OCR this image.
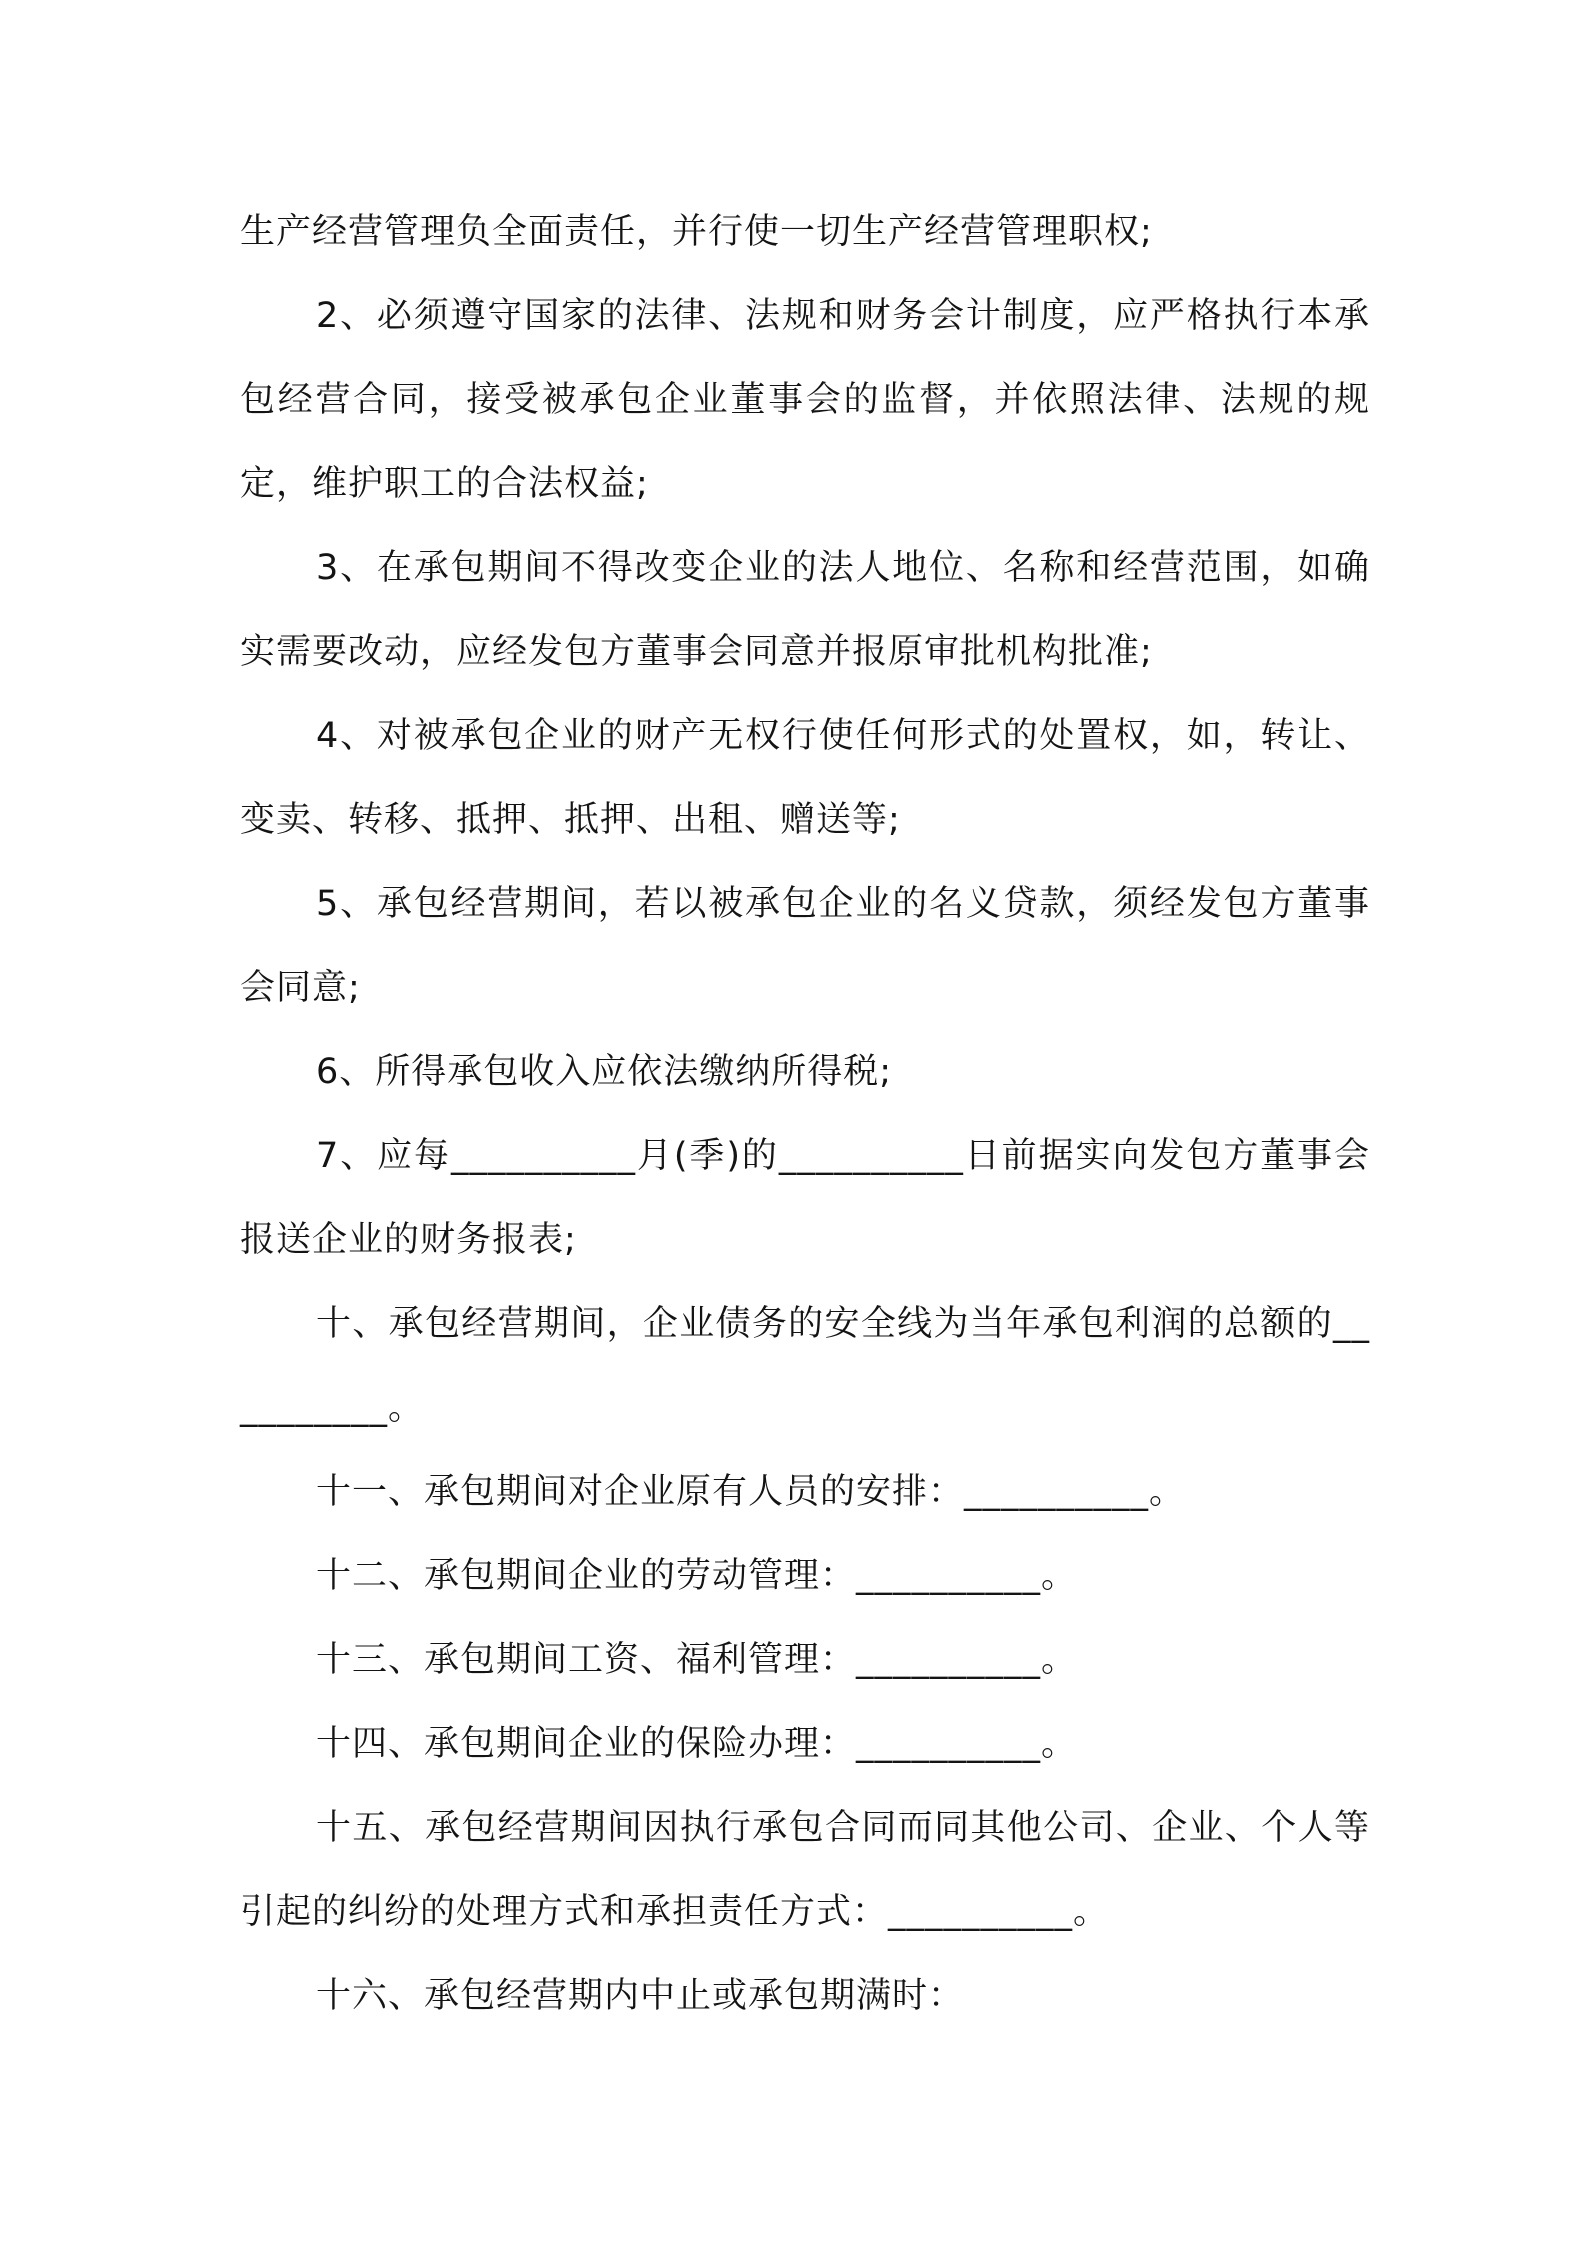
生产经营管理负全面责任，并行使一切生产经营管理职权;

2、必须遵守国家的法律、法规和财务会计制度，应严格执行本承包经营合同，接受被承包企业董事会的监督，并依照法律、法规的规定，维护职工的合法权益;

3、在承包期间不得改变企业的法人地位、名称和经营范围，如确实需要改动，应经发包方董事会同意并报原审批机构批准;

4、对被承包企业的财产无权行使任何形式的处置权，如，转让、变卖、转移、抵押、抵押、出租、赠送等;

5、承包经营期间，若以被承包企业的名义贷款，须经发包方董事会同意;

6、所得承包收入应依法缴纳所得税;

7、应每__________月(季)的__________日前据实向发包方董事会报送企业的财务报表;

十、承包经营期间，企业债务的安全线为当年承包利润的总额的__________。

十一、承包期间对企业原有人员的安排：__________。

十二、承包期间企业的劳动管理：__________。

十三、承包期间工资、福利管理：__________。

十四、承包期间企业的保险办理：__________。

十五、承包经营期间因执行承包合同而同其他公司、企业、个人等引起的纠纷的处理方式和承担责任方式：__________。

十六、承包经营期内中止或承包期满时：
